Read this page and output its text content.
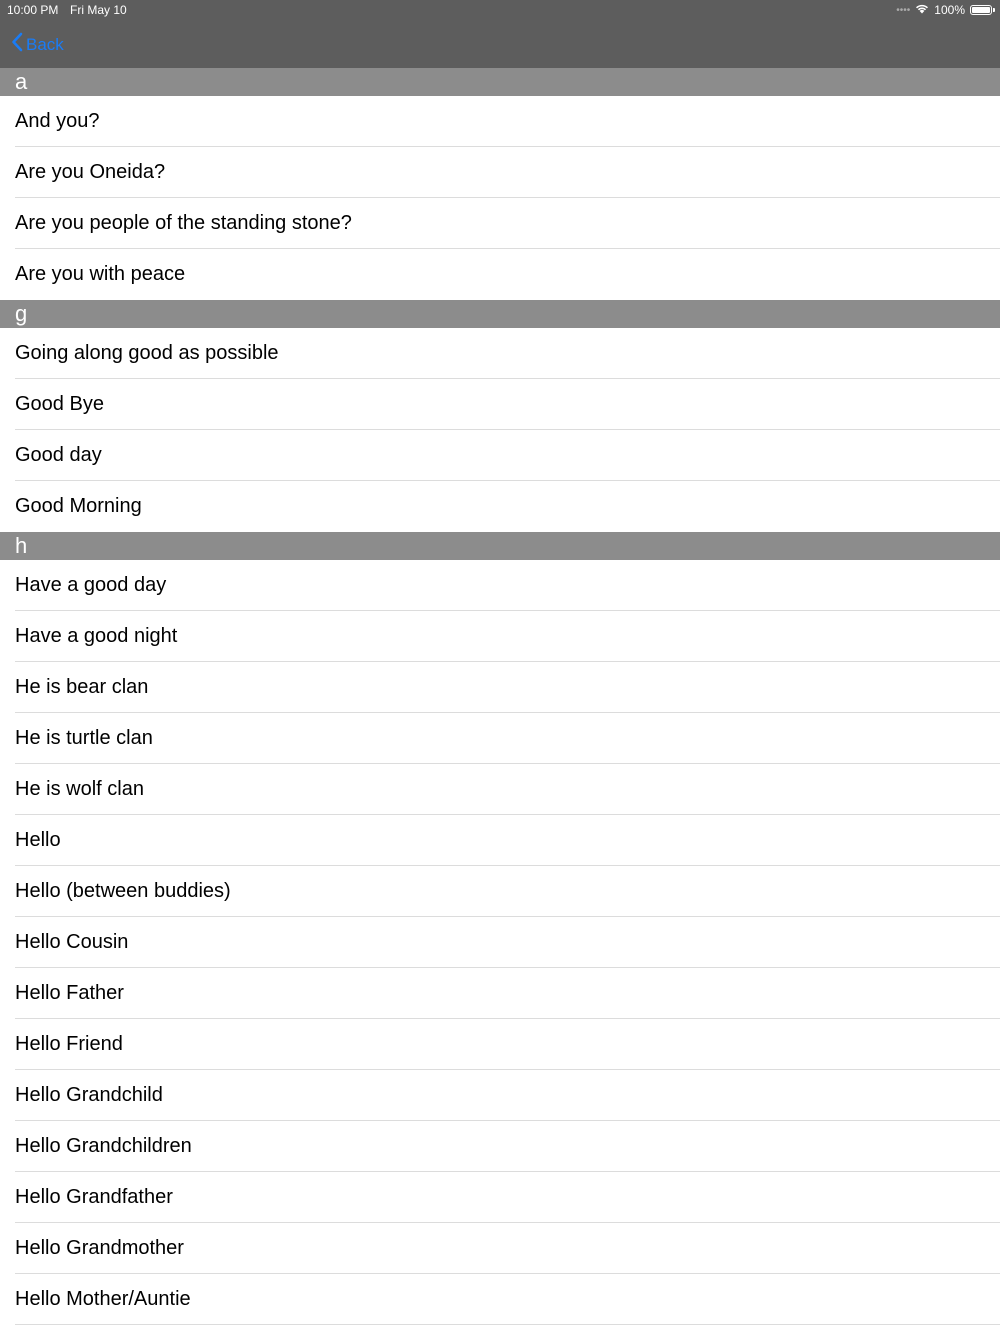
10:00 PM Fri May 10	•••• 100%
Back
a
And you?
Are you Oneida?
Are you people of the standing stone?
Are you with peace
g
Going along good as possible
Good Bye
Good day
Good Morning
h
Have a good day
Have a good night
He is bear clan
He is turtle clan
He is wolf clan
Hello
Hello (between buddies)
Hello Cousin
Hello Father
Hello Friend
Hello Grandchild
Hello Grandchildren
Hello Grandfather
Hello Grandmother
Hello Mother/Auntie
